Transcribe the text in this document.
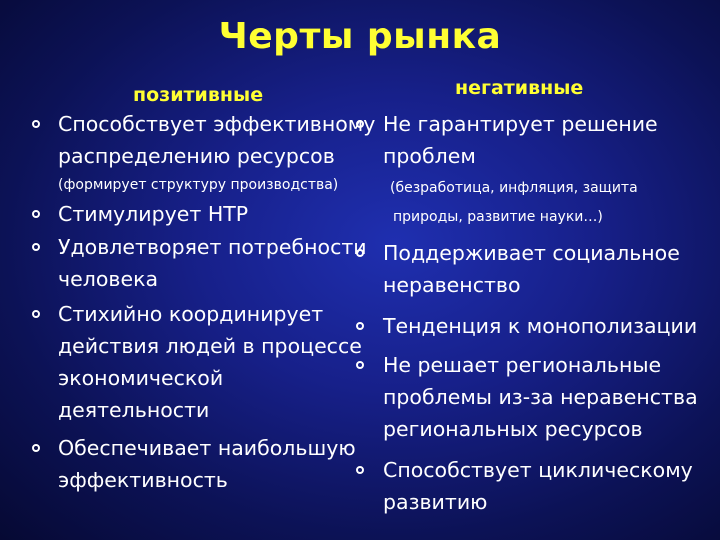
Черты рынка
позитивные	негативные
Способствует эффективному
распределению ресурсов
(формирует структуру производства)
Стимулирует НТР
Удовлетворяет потребности
человека
Стихийно координирует
действия людей в процессе
экономической
деятельности
Обеспечивает наибольшую
эффективность
Не гарантирует решение
проблем
(безработица, инфляция, защита
природы, развитие науки…)
Поддерживает социальное
неравенство
Тенденция к монополизации
Не решает региональные
проблемы из-за неравенства
региональных ресурсов
Способствует циклическому
развитию
